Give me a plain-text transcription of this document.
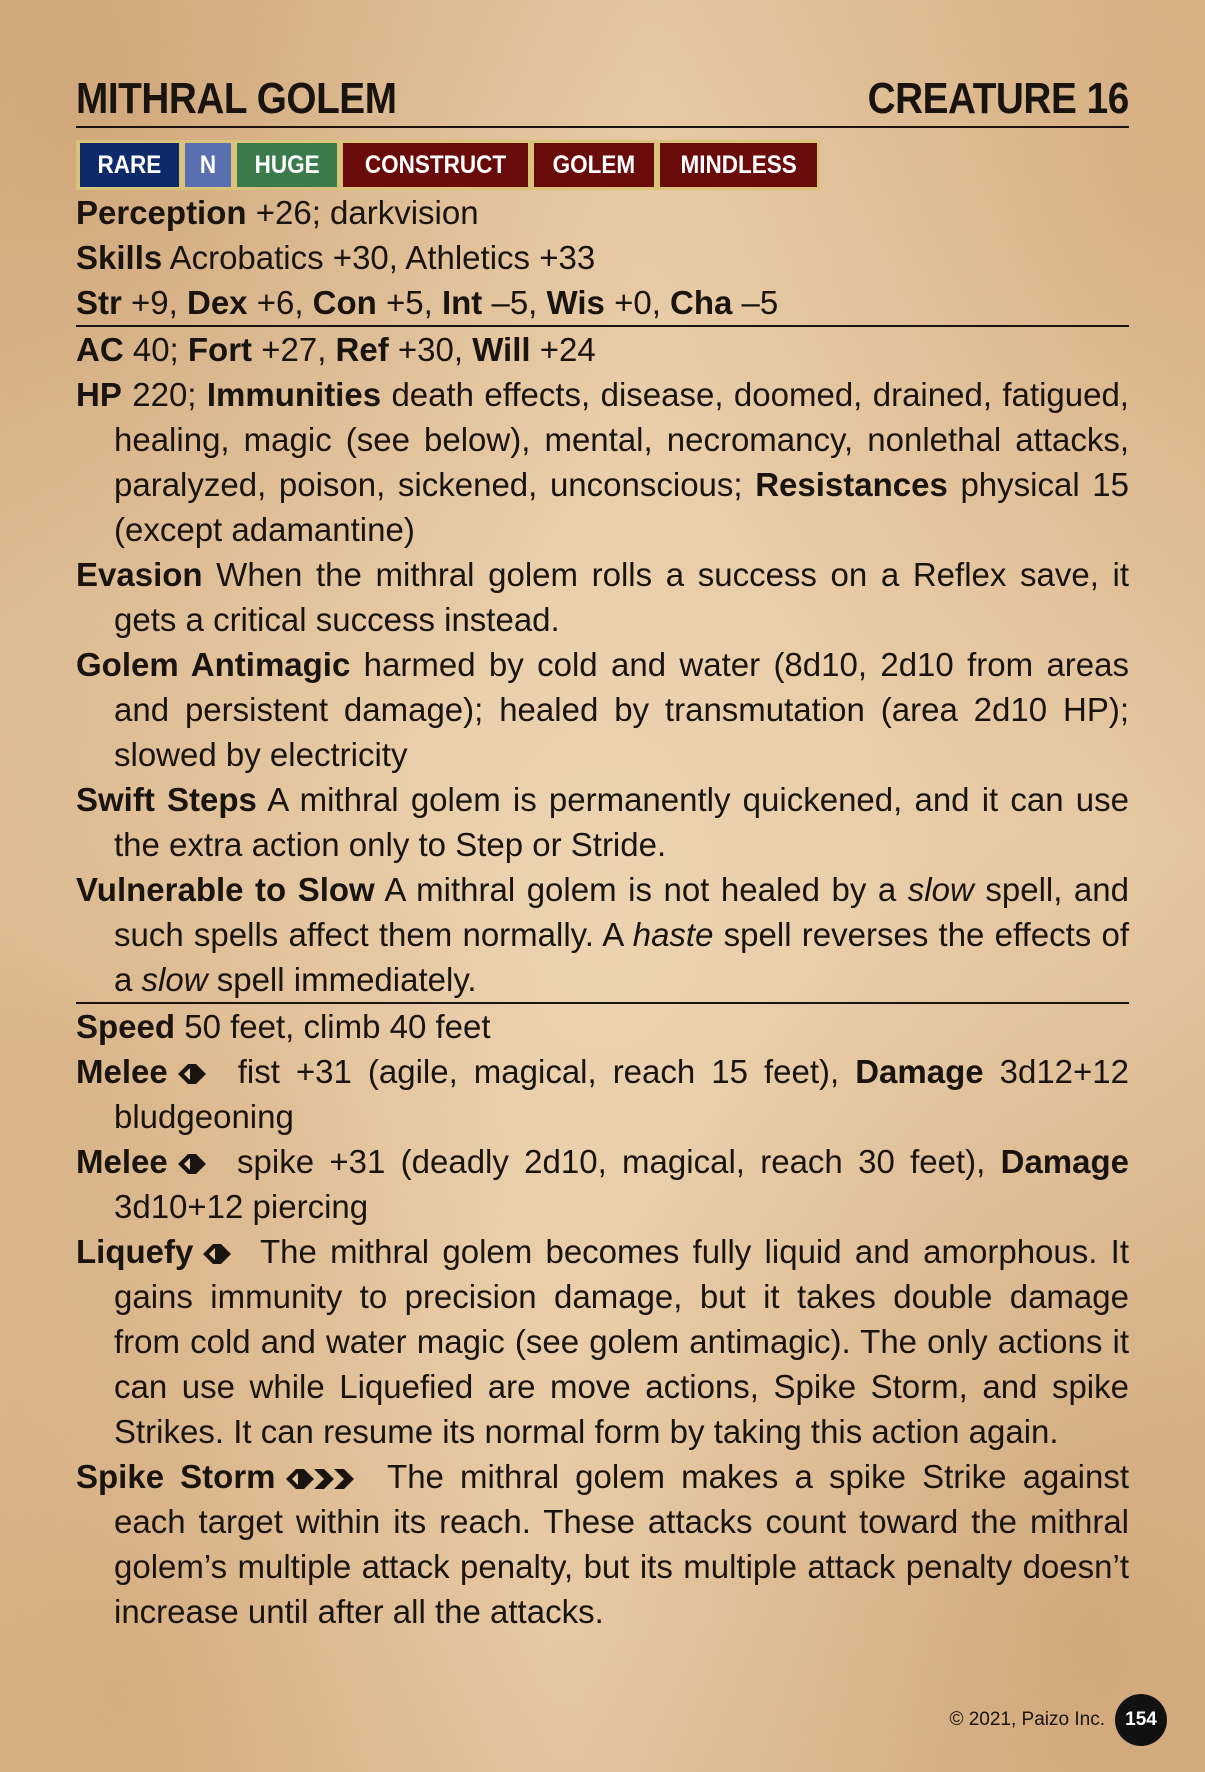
MITHRAL GOLEM	CREATURE 16
RARE N HUGE CONSTRUCT GOLEM MINDLESS
Perception +26; darkvision
Skills Acrobatics +30, Athletics +33
Str +9, Dex +6, Con +5, Int –5, Wis +0, Cha –5
AC 40; Fort +27, Ref +30, Will +24
HP 220; Immunities death effects, disease, doomed, drained, fatigued, healing, magic (see below), mental, necromancy, nonlethal attacks, paralyzed, poison, sickened, unconscious; Resistances physical 15 (except adamantine)
Evasion When the mithral golem rolls a success on a Reflex save, it gets a critical success instead.
Golem Antimagic harmed by cold and water (8d10, 2d10 from areas and persistent damage); healed by transmutation (area 2d10 HP); slowed by electricity
Swift Steps A mithral golem is permanently quickened, and it can use the extra action only to Step or Stride.
Vulnerable to Slow A mithral golem is not healed by a slow spell, and such spells affect them normally. A haste spell reverses the effects of a slow spell immediately.
Speed 50 feet, climb 40 feet
Melee fist +31 (agile, magical, reach 15 feet), Damage 3d12+12 bludgeoning
Melee spike +31 (deadly 2d10, magical, reach 30 feet), Damage 3d10+12 piercing
Liquefy The mithral golem becomes fully liquid and amorphous. It gains immunity to precision damage, but it takes double damage from cold and water magic (see golem antimagic). The only actions it can use while Liquefied are move actions, Spike Storm, and spike Strikes. It can resume its normal form by taking this action again.
Spike Storm	The mithral golem makes a spike Strike against each target within its reach. These attacks count toward the mithral golem’s multiple attack penalty, but its multiple attack penalty doesn’t increase until after all the attacks.
© 2021, Paizo Inc.	154
